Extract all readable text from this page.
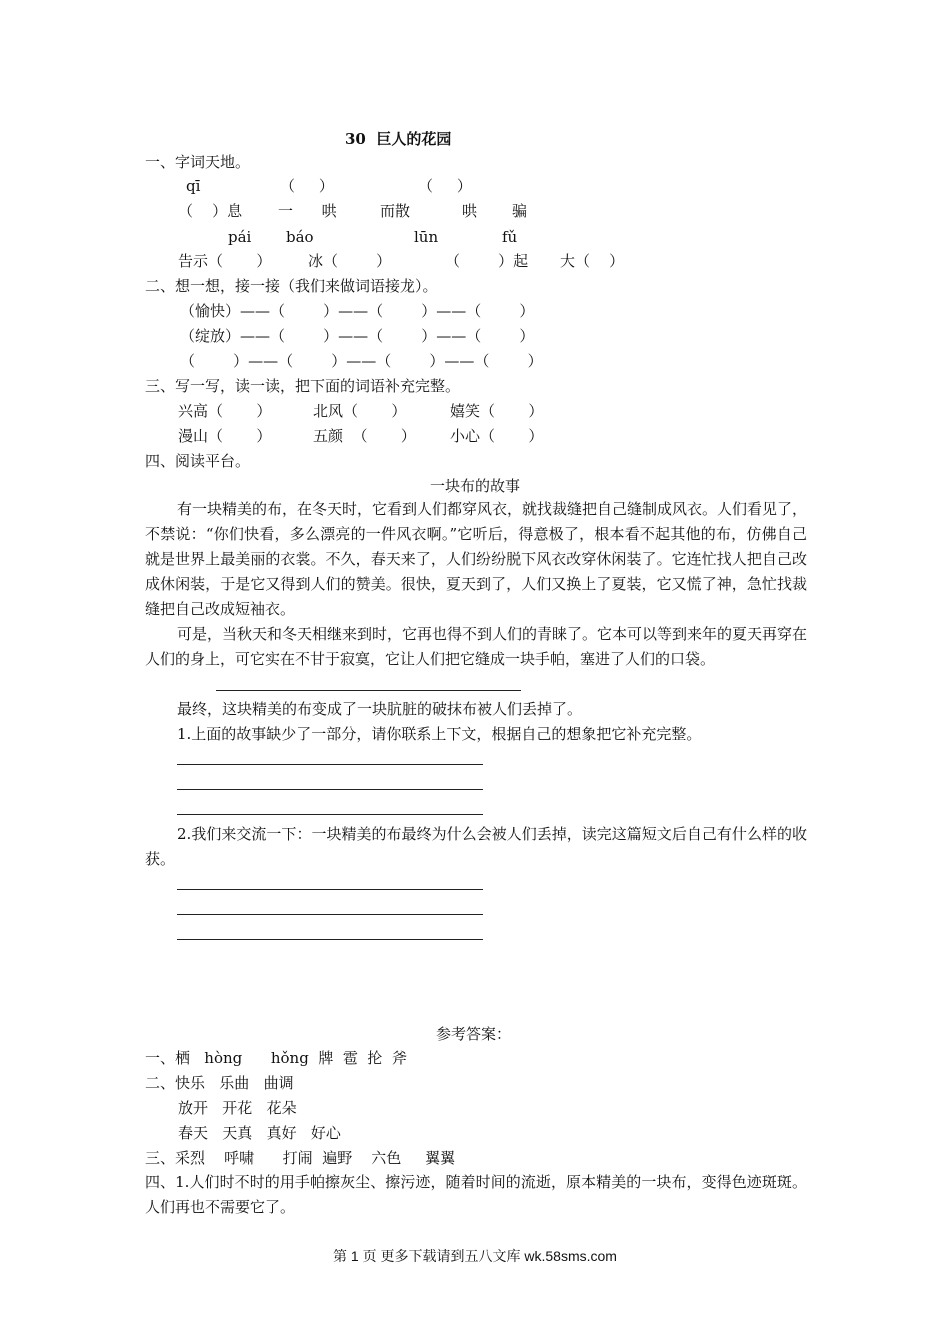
30  巨人的花园
一、字词天地。
qī	（     ）	（     ）
（    ）息 一      哄	而散	哄 骗
pái báo	lūn	fǔ
告示（       ） 冰（        ）	（        ）起 大（    ）
二、想一想，接一接（我们来做词语接龙）。
（愉快）——（        ）——（        ）——（        ）
（绽放）——（        ）——（        ）——（        ）
（        ）——（        ）——（        ）——（        ）
三、写一写，读一读，把下面的词语补充完整。
兴高（       ）	北风（       ）	嬉笑（       ）
漫山（       ）	五颜  （       ） 小心（       ）
四、阅读平台。
一块布的故事
有一块精美的布，在冬天时，它看到人们都穿风衣，就找裁缝把自己缝制成风衣。人们看见了，不禁说：“你们快看，多么漂亮的一件风衣啊。”它听后，得意极了，根本看不起其他的布，仿佛自己就是世界上最美丽的衣裳。不久，春天来了，人们纷纷脱下风衣改穿休闲装了。它连忙找人把自己改成休闲装，于是它又得到人们的赞美。很快，夏天到了，人们又换上了夏装，它又慌了神，急忙找裁缝把自己改成短袖衣。
可是，当秋天和冬天相继来到时，它再也得不到人们的青睐了。它本可以等到来年的夏天再穿在人们的身上，可它实在不甘于寂寞，它让人们把它缝成一块手帕，塞进了人们的口袋。
最终，这块精美的布变成了一块肮脏的破抹布被人们丢掉了。
1.上面的故事缺少了一部分，请你联系上下文，根据自己的想象把它补充完整。
2.我们来交流一下：一块精美的布最终为什么会被人们丢掉，读完这篇短文后自己有什么样的收获。
参考答案：
一、栖   hòng      hǒng  牌  雹  抡  斧
二、快乐   乐曲   曲调
放开   开花   花朵
春天   天真   真好   好心
三、采烈    呼啸      打闹  遍野    六色     翼翼
四、1.人们时不时的用手帕擦灰尘、擦污迹，随着时间的流逝，原本精美的一块布，变得色迹斑斑。人们再也不需要它了。
第 1 页 更多下载请到五八文库 wk.58sms.com
